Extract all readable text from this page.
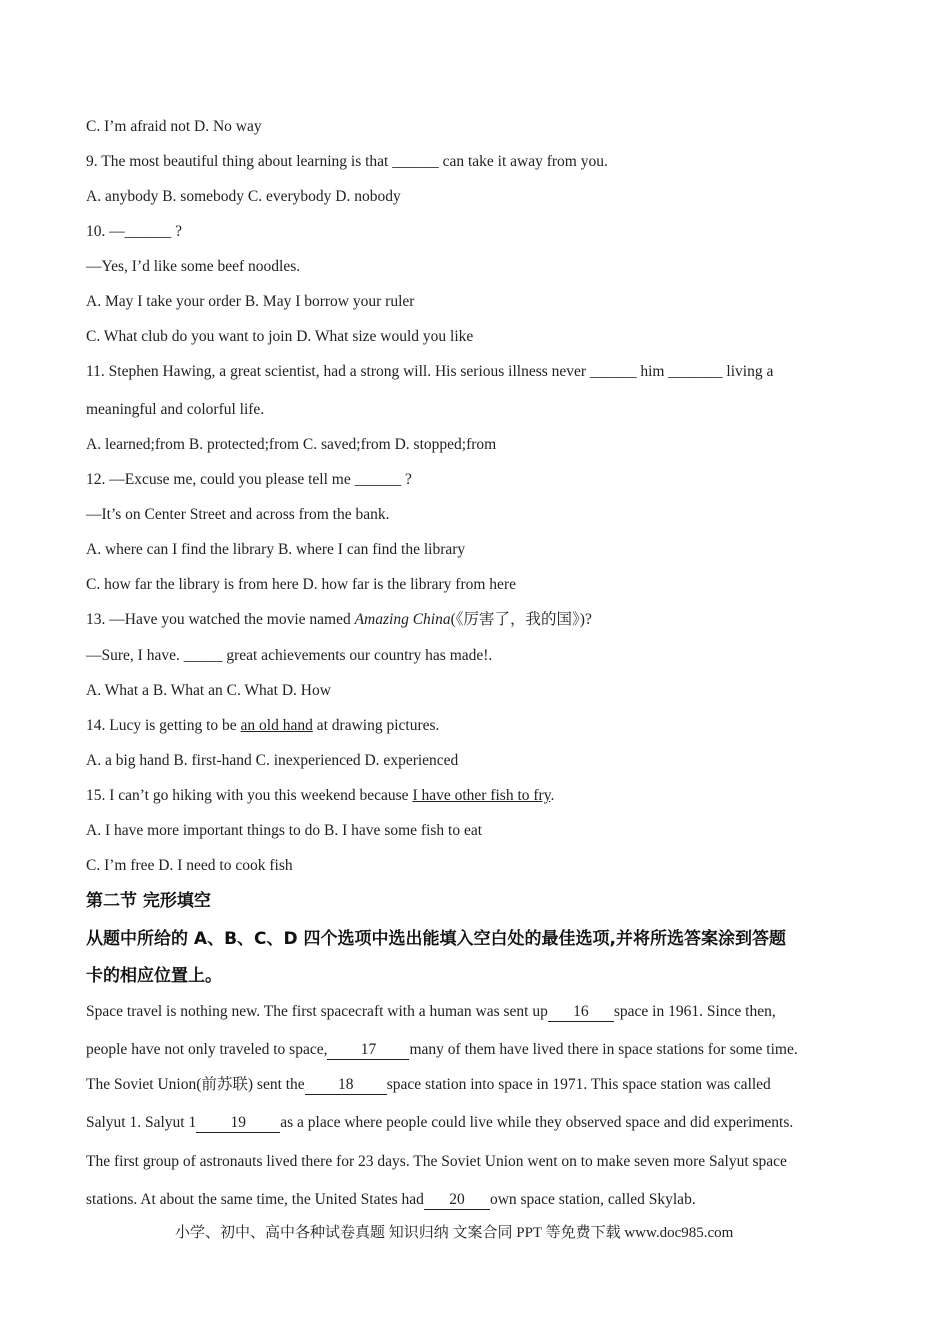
C. I’m afraid not D. No way
9. The most beautiful thing about learning is that ______ can take it away from you.
A. anybody B. somebody C. everybody D. nobody
10. —______ ?
—Yes, I’d like some beef noodles.
A. May I take your order B. May I borrow your ruler
C. What club do you want to join D. What size would you like
11. Stephen Hawing, a great scientist, had a strong will. His serious illness never ______ him _______ living a
meaningful and colorful life.
A. learned;from B. protected;from C. saved;from D. stopped;from
12. —Excuse me, could you please tell me ______ ?
—It’s on Center Street and across from the bank.
A. where can I find the library B. where I can find the library
C. how far the library is from here D. how far is the library from here
13. —Have you watched the movie named Amazing China(《厉害了，我的国》)?
—Sure, I have. _____ great achievements our country has made!.
A. What a B. What an C. What D. How
14. Lucy is getting to be an old hand at drawing pictures.
A. a big hand B. first-hand C. inexperienced D. experienced
15. I can’t go hiking with you this weekend because I have other fish to fry.
A. I have more important things to do B. I have some fish to eat
C. I’m free D. I need to cook fish
第二节 完形填空
从题中所给的 A、B、C、D 四个选项中选出能填入空白处的最佳选项,并将所选答案涂到答题
卡的相应位置上。
Space travel is nothing new. The first spacecraft with a human was sent up 16 space in 1961. Since then,
people have not only traveled to space, 17 many of them have lived there in space stations for some time.
The Soviet Union(前苏联) sent the 18 space station into space in 1971. This space station was called
Salyut 1. Salyut 1 19 as a place where people could live while they observed space and did experiments.
The first group of astronauts lived there for 23 days. The Soviet Union went on to make seven more Salyut space
stations. At about the same time, the United States had 20 own space station, called Skylab.
小学、初中、高中各种试卷真题 知识归纳 文案合同 PPT 等免费下载 www.doc985.com
